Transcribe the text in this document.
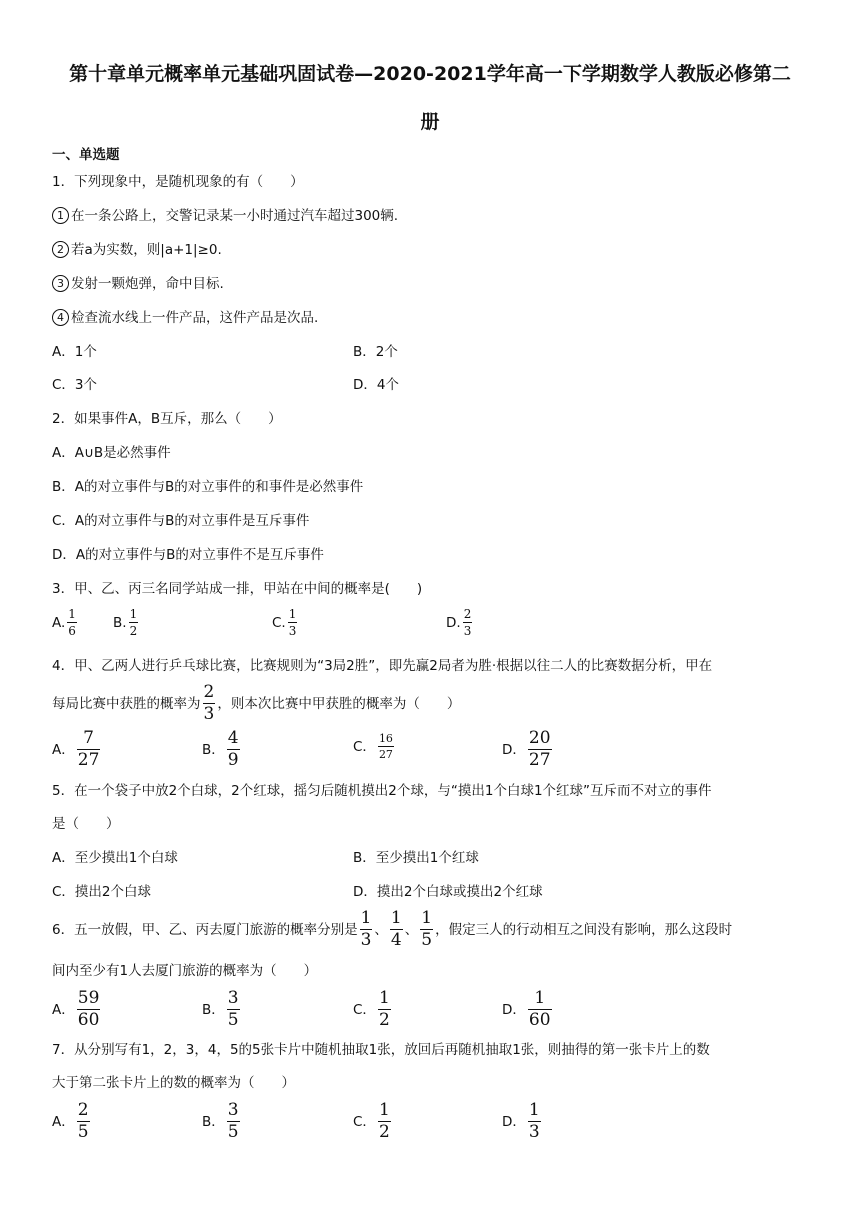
第十章单元概率单元基础巩固试卷—2020-2021学年高一下学期数学人教版必修第二
册
一、单选题
1．下列现象中，是随机现象的有（　　）
1 在一条公路上，交警记录某一小时通过汽车超过300辆.
2 若a为实数，则|a+1|≥0.
3 发射一颗炮弹，命中目标.
4 检查流水线上一件产品，这件产品是次品.
A．1个	B．2个
C．3个	D．4个
2．如果事件A，B互斥，那么（　　）
A．A∪B是必然事件
B．A的对立事件与B的对立事件的和事件是必然事件
C．A的对立事件与B的对立事件是互斥事件
D．A的对立事件与B的对立事件不是互斥事件
3．甲、乙、丙三名同学站成一排，甲站在中间的概率是(　　)
A. $\frac{1}{6}$	B. $\frac{1}{2}$	C. $\frac{1}{3}$	D. $\frac{2}{3}$
4．甲、乙两人进行乒乓球比赛，比赛规则为“3局2胜”，即先赢2局者为胜·根据以往二人的比赛数据分析，甲在
每局比赛中获胜的概率为 $\frac{2}{3}$ ，则本次比赛中甲获胜的概率为（　　）
A． $\frac{7}{27}$	B． $\frac{4}{9}$	C． $\frac{16}{27}$	D． $\frac{20}{27}$
5．在一个袋子中放2个白球，2个红球，摇匀后随机摸出2个球，与“摸出1个白球1个红球”互斥而不对立的事件
是（　　）
A．至少摸出1个白球	B．至少摸出1个红球
C．摸出2个白球	D．摸出2个白球或摸出2个红球
6．五一放假，甲、乙、丙去厦门旅游的概率分别是 $\frac{1}{3}$ 、 $\frac{1}{4}$ 、 $\frac{1}{5}$ ，假定三人的行动相互之间没有影响，那么这段时
间内至少有1人去厦门旅游的概率为（　　）
A． $\frac{59}{60}$	B． $\frac{3}{5}$	C． $\frac{1}{2}$	D． $\frac{1}{60}$
7．从分别写有1，2，3，4，5的5张卡片中随机抽取1张，放回后再随机抽取1张，则抽得的第一张卡片上的数
大于第二张卡片上的数的概率为（　　）
A． $\frac{2}{5}$	B． $\frac{3}{5}$	C． $\frac{1}{2}$	D． $\frac{1}{3}$
